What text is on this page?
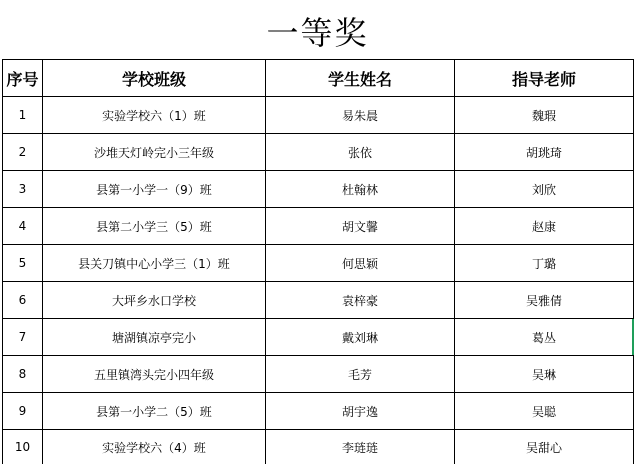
一等奖
序号	学校班级	学生姓名	指导老师
1	实验学校六（1）班	易朱晨	魏瑕
2	沙堆天灯岭完小三年级	张依	胡珧琦
3	县第一小学一（9）班	杜翰林	刘欣
4	县第二小学三（5）班	胡文馨	赵康
5	县关刀镇中心小学三（1）班	何思颖	丁璐
6	大坪乡水口学校	袁梓豪	吴雅倩
7	塘湖镇凉亭完小	戴刘琳	葛丛
8	五里镇湾头完小四年级	毛芳	吴琳
9	县第一小学二（5）班	胡宇逸	吴聪
10	实验学校六（4）班	李琏琏	吴甜心
